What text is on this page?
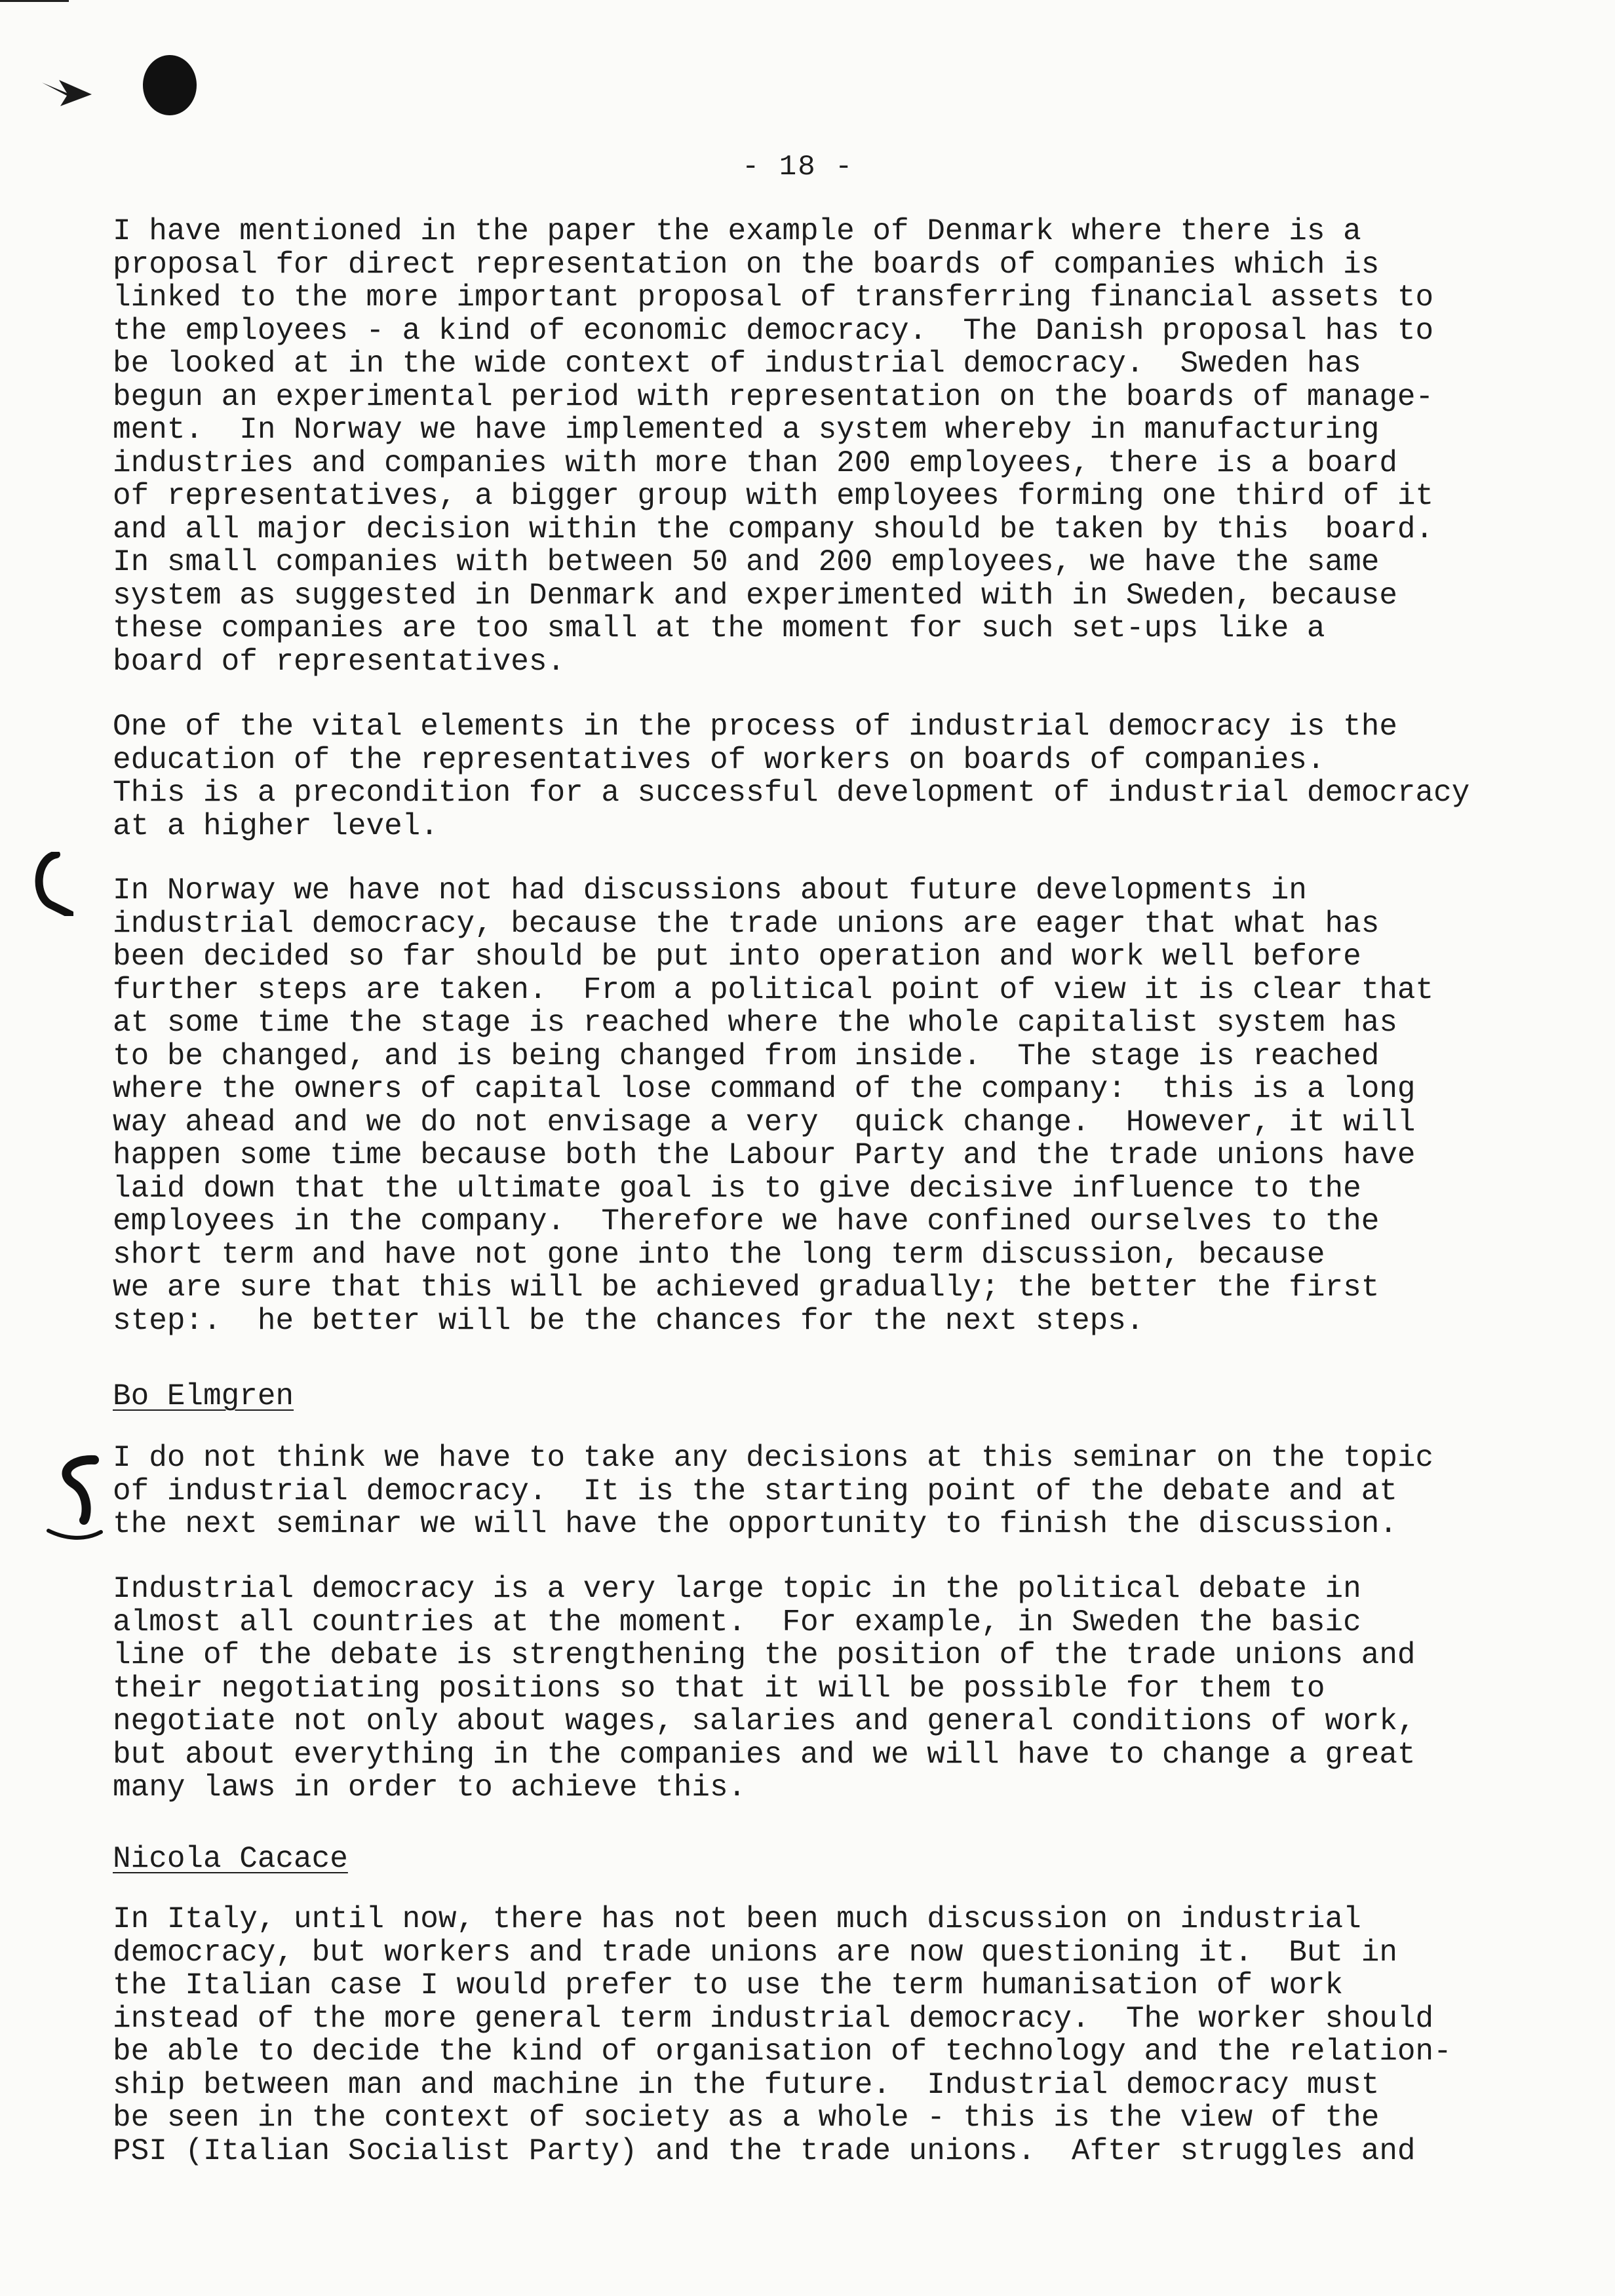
- 18 -
I have mentioned in the paper the example of Denmark where there is a
proposal for direct representation on the boards of companies which is
linked to the more important proposal of transferring financial assets to
the employees - a kind of economic democracy.  The Danish proposal has to
be looked at in the wide context of industrial democracy.  Sweden has
begun an experimental period with representation on the boards of manage-
ment.  In Norway we have implemented a system whereby in manufacturing
industries and companies with more than 200 employees, there is a board
of representatives, a bigger group with employees forming one third of it
and all major decision within the company should be taken by this  board.
In small companies with between 50 and 200 employees, we have the same
system as suggested in Denmark and experimented with in Sweden, because
these companies are too small at the moment for such set-ups like a
board of representatives.
One of the vital elements in the process of industrial democracy is the
education of the representatives of workers on boards of companies.
This is a precondition for a successful development of industrial democracy
at a higher level.
In Norway we have not had discussions about future developments in
industrial democracy, because the trade unions are eager that what has
been decided so far should be put into operation and work well before
further steps are taken.  From a political point of view it is clear that
at some time the stage is reached where the whole capitalist system has
to be changed, and is being changed from inside.  The stage is reached
where the owners of capital lose command of the company:  this is a long
way ahead and we do not envisage a very  quick change.  However, it will
happen some time because both the Labour Party and the trade unions have
laid down that the ultimate goal is to give decisive influence to the
employees in the company.  Therefore we have confined ourselves to the
short term and have not gone into the long term discussion, because
we are sure that this will be achieved gradually; the better the first
step:.  he better will be the chances for the next steps.
Bo Elmgren
I do not think we have to take any decisions at this seminar on the topic
of industrial democracy.  It is the starting point of the debate and at
the next seminar we will have the opportunity to finish the discussion.
Industrial democracy is a very large topic in the political debate in
almost all countries at the moment.  For example, in Sweden the basic
line of the debate is strengthening the position of the trade unions and
their negotiating positions so that it will be possible for them to
negotiate not only about wages, salaries and general conditions of work,
but about everything in the companies and we will have to change a great
many laws in order to achieve this.
Nicola Cacace
In Italy, until now, there has not been much discussion on industrial
democracy, but workers and trade unions are now questioning it.  But in
the Italian case I would prefer to use the term humanisation of work
instead of the more general term industrial democracy.  The worker should
be able to decide the kind of organisation of technology and the relation-
ship between man and machine in the future.  Industrial democracy must
be seen in the context of society as a whole - this is the view of the
PSI (Italian Socialist Party) and the trade unions.  After struggles and
